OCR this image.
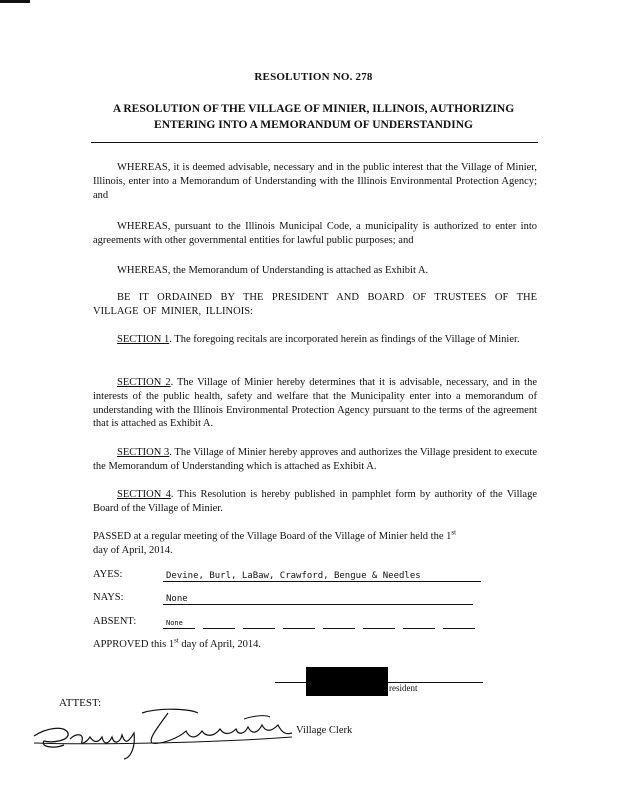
RESOLUTION NO. 278
A RESOLUTION OF THE VILLAGE OF MINIER, ILLINOIS, AUTHORIZING
ENTERING INTO A MEMORANDUM OF UNDERSTANDING
WHEREAS, it is deemed advisable, necessary and in the public interest that the Village of Minier, Illinois, enter into a Memorandum of Understanding with the Illinois Environmental Protection Agency; and
WHEREAS, pursuant to the Illinois Municipal Code, a municipality is authorized to enter into agreements with other governmental entities for lawful public purposes; and
WHEREAS, the Memorandum of Understanding is attached as Exhibit A.
BE IT ORDAINED BY THE PRESIDENT AND BOARD OF TRUSTEES OF THE VILLAGE OF MINIER, ILLINOIS:
SECTION 1. The foregoing recitals are incorporated herein as findings of the Village of Minier.
SECTION 2. The Village of Minier hereby determines that it is advisable, necessary, and in the interests of the public health, safety and welfare that the Municipality enter into a memorandum of understanding with the Illinois Environmental Protection Agency pursuant to the terms of the agreement that is attached as Exhibit A.
SECTION 3. The Village of Minier hereby approves and authorizes the Village president to execute the Memorandum of Understanding which is attached as Exhibit A.
SECTION 4. This Resolution is hereby published in pamphlet form by authority of the Village Board of the Village of Minier.
PASSED at a regular meeting of the Village Board of the Village of Minier held the 1st
day of April, 2014.
AYES:	Devine, Burl, LaBaw, Crawford, Bengue & Needles
NAYS:	None
ABSENT:	None
APPROVED this 1st day of April, 2014.
resident
ATTEST:
Village Clerk
